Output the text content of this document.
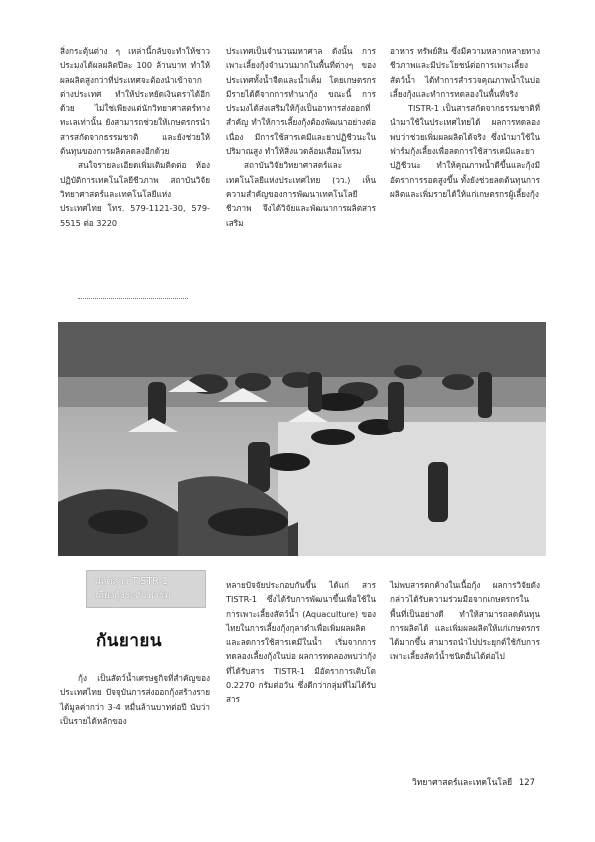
สิ่งกระตุ้นต่าง ๆ เหล่านี้กลับจะทำให้ชาวประมงได้ผลผลิตปีละ 100 ล้านบาท ทำให้ผลผลิตสูงกว่าที่ประเทศจะต้องนำเข้าจากต่างประเทศ ทำให้ประหยัดเงินตราได้อีกด้วย ไม่ใช่เพียงแต่นักวิทยาศาสตร์ทางทะเลเท่านั้น ยังสามารถช่วยให้เกษตรกรนำสารสกัดจากธรรมชาติ และยังช่วยให้ต้นทุนของการผลิตลดลงอีกด้วย

สนใจรายละเอียดเพิ่มเติมติดต่อ ห้องปฏิบัติการเทคโนโลยีชีวภาพ สถาบันวิจัยวิทยาศาสตร์และเทคโนโลยีแห่งประเทศไทย โทร. 579-1121-30, 579-5515 ต่อ 3220

ประเทศเป็นจำนวนมหาศาล ดังนั้น การเพาะเลี้ยงกุ้งจำนวนมากในพื้นที่ต่างๆ ของประเทศทั้งน้ำจืดและน้ำเค็ม โดยเกษตรกรมีรายได้ดีจากการทำนากุ้ง ขณะนี้ การประมงได้ส่งเสริมให้กุ้งเป็นอาหารส่งออกที่สำคัญ ทำให้การเลี้ยงกุ้งต้องพัฒนาอย่างต่อเนื่อง มีการใช้สารเคมีและยาปฏิชีวนะในปริมาณสูง ทำให้สิ่งแวดล้อมเสื่อมโทรม

สถาบันวิจัยวิทยาศาสตร์และเทคโนโลยีแห่งประเทศไทย (วว.) เห็นความสำคัญของการพัฒนาเทคโนโลยีชีวภาพ จึงได้วิจัยและพัฒนาการผลิตสารเสริม

อาหาร ทรัพย์สิน ซึ่งมีความหลากหลายทางชีวภาพและมีประโยชน์ต่อการเพาะเลี้ยงสัตว์น้ำ ได้ทำการสำรวจคุณภาพน้ำในบ่อเลี้ยงกุ้งและทำการทดลองในพื้นที่จริง

TISTR-1 เป็นสารสกัดจากธรรมชาติที่นำมาใช้ในประเทศไทยได้ ผลการทดลองพบว่าช่วยเพิ่มผลผลิตได้จริง ซึ่งนำมาใช้ในฟาร์มกุ้งเลี้ยงเพื่อลดการใช้สารเคมีและยาปฏิชีวนะ ทำให้คุณภาพน้ำดีขึ้นและกุ้งมีอัตราการรอดสูงขึ้น ทั้งยังช่วยลดต้นทุนการผลิตและเพิ่มรายได้ให้แก่เกษตรกรผู้เลี้ยงกุ้ง

ผลิตสาร TISTR-1
เลี้ยงกุ้งระดับฟาร์ม
กันยายน

กุ้ง เป็นสัตว์น้ำเศรษฐกิจที่สำคัญของประเทศไทย ปัจจุบันการส่งออกกุ้งสร้างรายได้มูลค่ากว่า 3-4 หมื่นล้านบาทต่อปี นับว่าเป็นรายได้หลักของ

หลายปัจจัยประกอบกันขึ้น ได้แก่ สาร TISTR-1 ซึ่งได้รับการพัฒนาขึ้นเพื่อใช้ในการเพาะเลี้ยงสัตว์น้ำ (Aquaculture) ของไทยในการเลี้ยงกุ้งกุลาดำเพื่อเพิ่มผลผลิตและลดการใช้สารเคมีในน้ำ เริ่มจากการทดลองเลี้ยงกุ้งในบ่อ ผลการทดลองพบว่ากุ้งที่ได้รับสาร TISTR-1 มีอัตราการเติบโต 0.2270 กรัมต่อวัน ซึ่งดีกว่ากลุ่มที่ไม่ได้รับสาร

ไม่พบสารตกค้างในเนื้อกุ้ง ผลการวิจัยดังกล่าวได้รับความร่วมมือจากเกษตรกรในพื้นที่เป็นอย่างดี ทำให้สามารถลดต้นทุนการผลิตได้ และเพิ่มผลผลิตให้แก่เกษตรกรได้มากขึ้น สามารถนำไปประยุกต์ใช้กับการเพาะเลี้ยงสัตว์น้ำชนิดอื่นได้ต่อไป

วิทยาศาสตร์และเทคโนโลยี 127
